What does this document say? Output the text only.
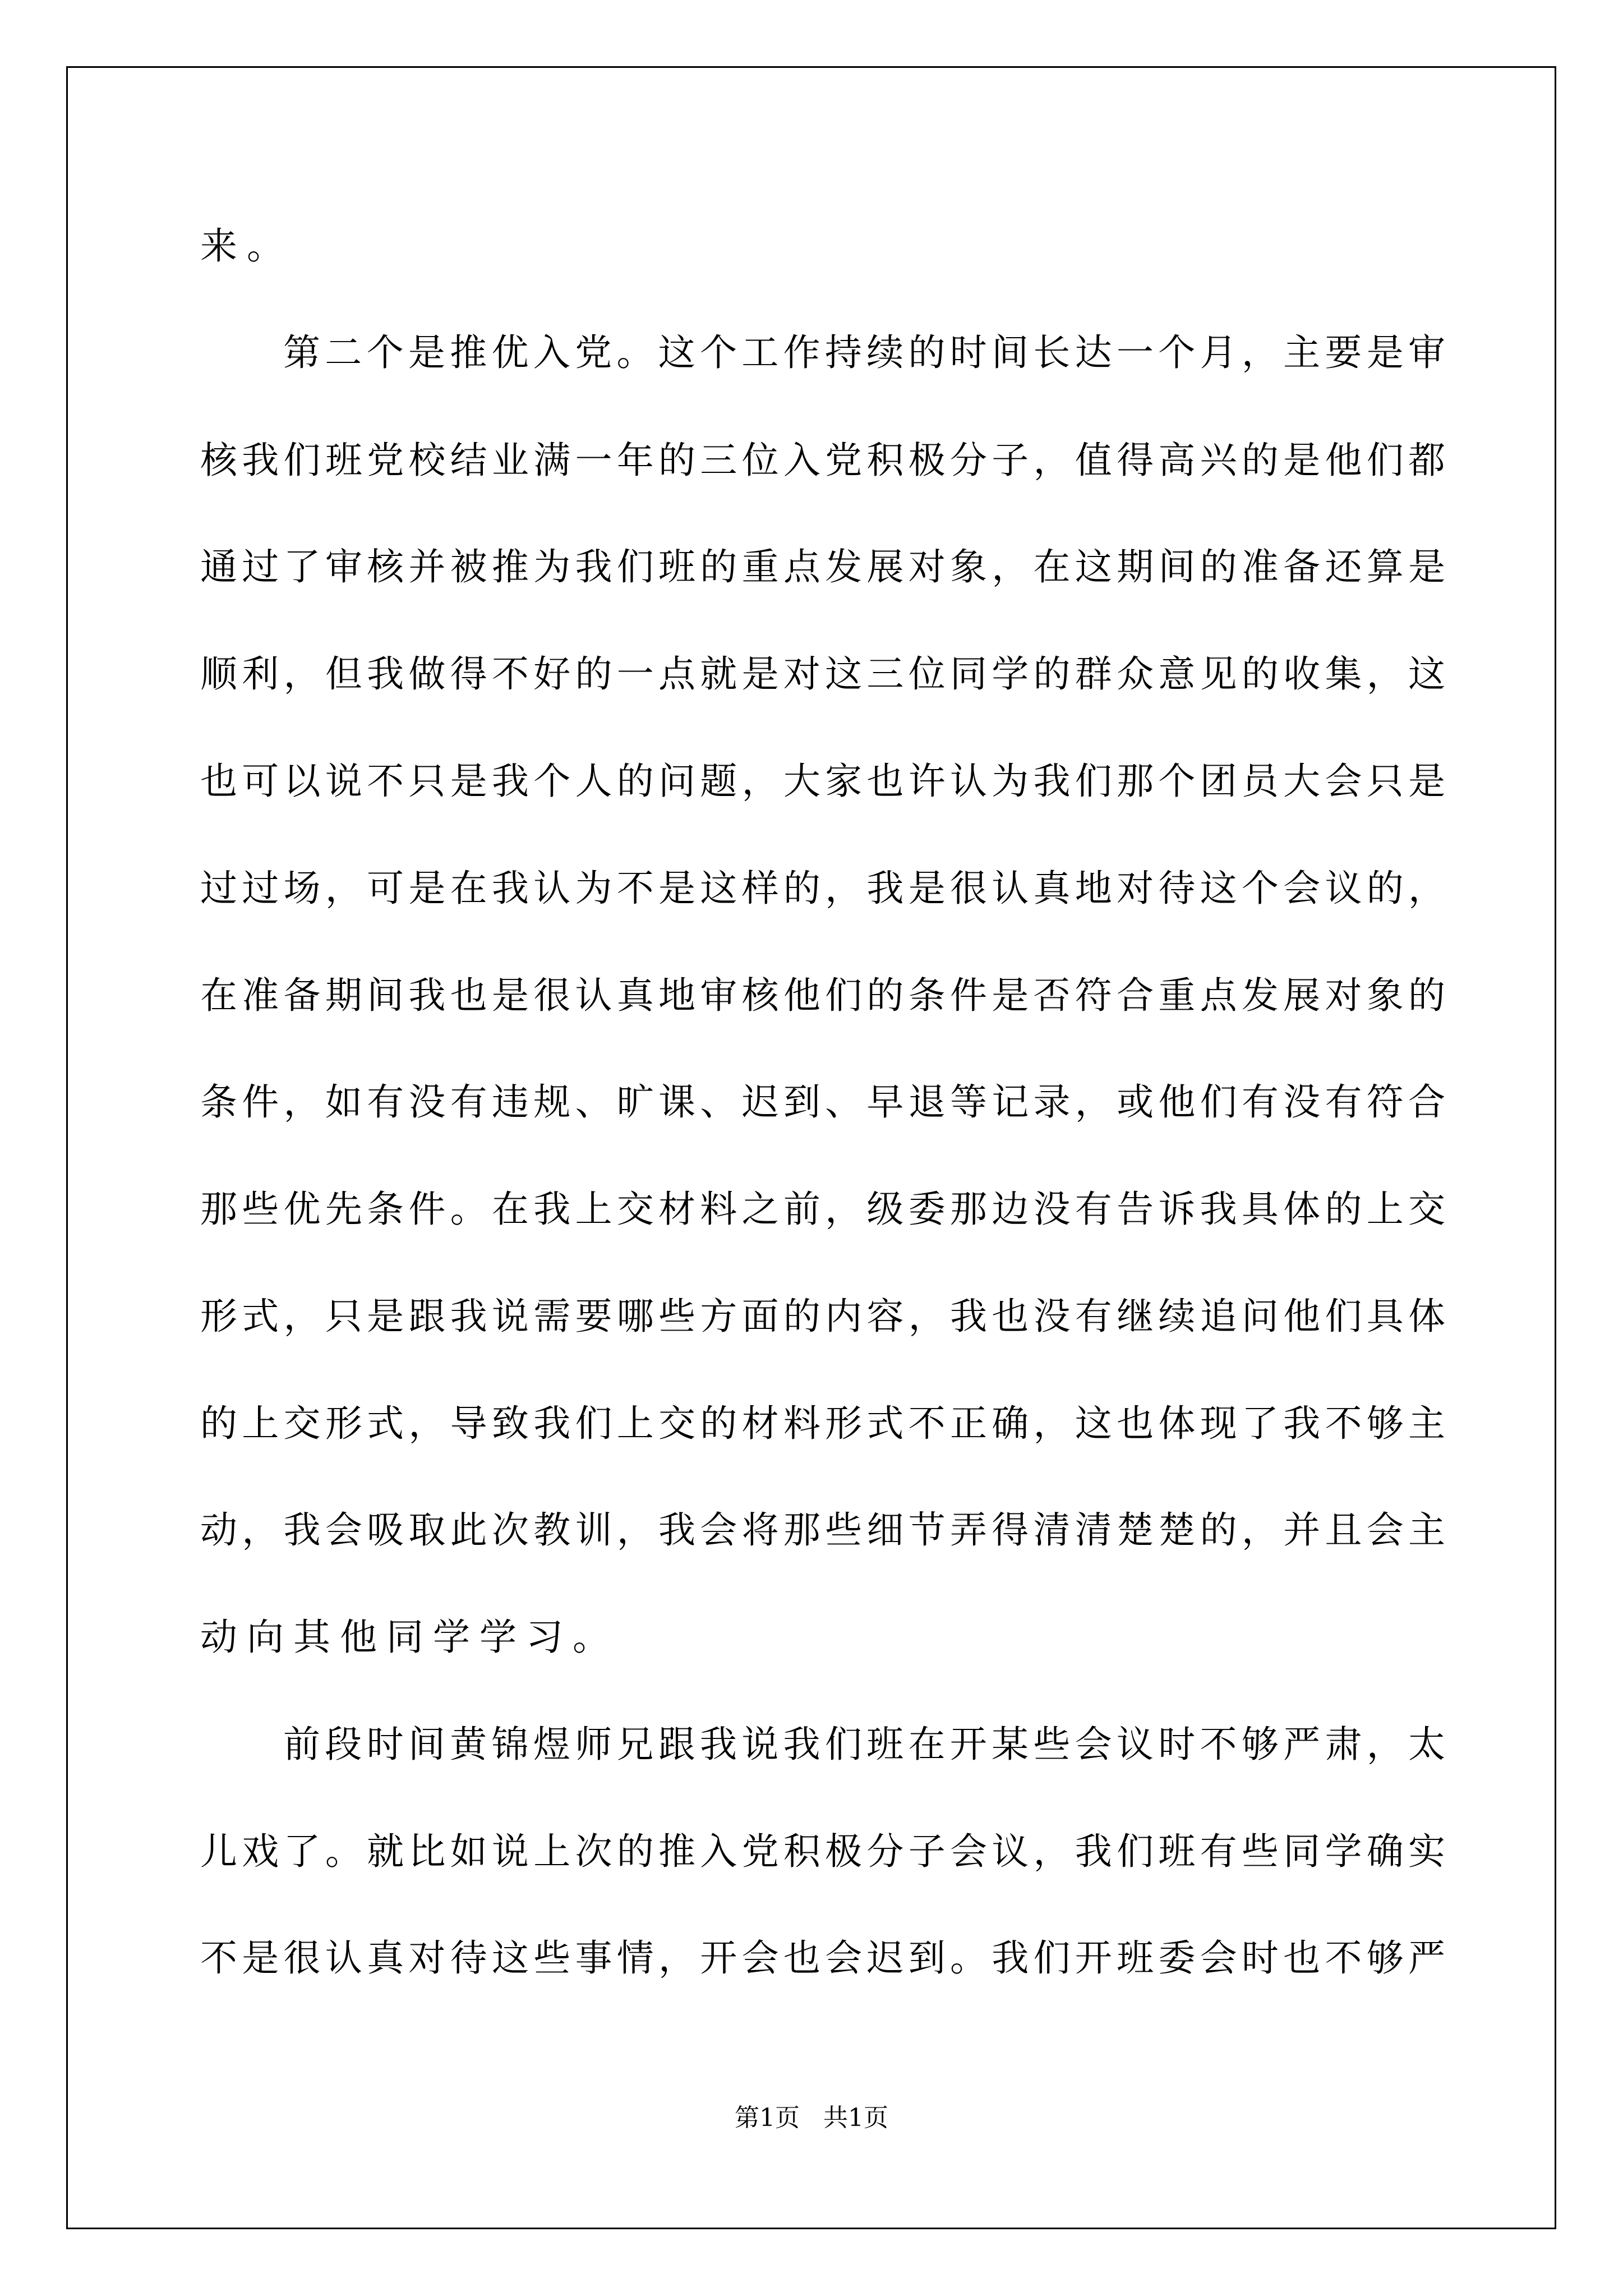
来。
第二个是推优入党。这个工作持续的时间长达一个月，主要是审
核我们班党校结业满一年的三位入党积极分子，值得高兴的是他们都
通过了审核并被推为我们班的重点发展对象，在这期间的准备还算是
顺利，但我做得不好的一点就是对这三位同学的群众意见的收集，这
也可以说不只是我个人的问题，大家也许认为我们那个团员大会只是
过过场，可是在我认为不是这样的，我是很认真地对待这个会议的，
在准备期间我也是很认真地审核他们的条件是否符合重点发展对象的
条件，如有没有违规、旷课、迟到、早退等记录，或他们有没有符合
那些优先条件。在我上交材料之前，级委那边没有告诉我具体的上交
形式，只是跟我说需要哪些方面的内容，我也没有继续追问他们具体
的上交形式，导致我们上交的材料形式不正确，这也体现了我不够主
动，我会吸取此次教训，我会将那些细节弄得清清楚楚的，并且会主
动向其他同学学习。
前段时间黄锦煜师兄跟我说我们班在开某些会议时不够严肃，太
儿戏了。就比如说上次的推入党积极分子会议，我们班有些同学确实
不是很认真对待这些事情，开会也会迟到。我们开班委会时也不够严
第1页   共1页
